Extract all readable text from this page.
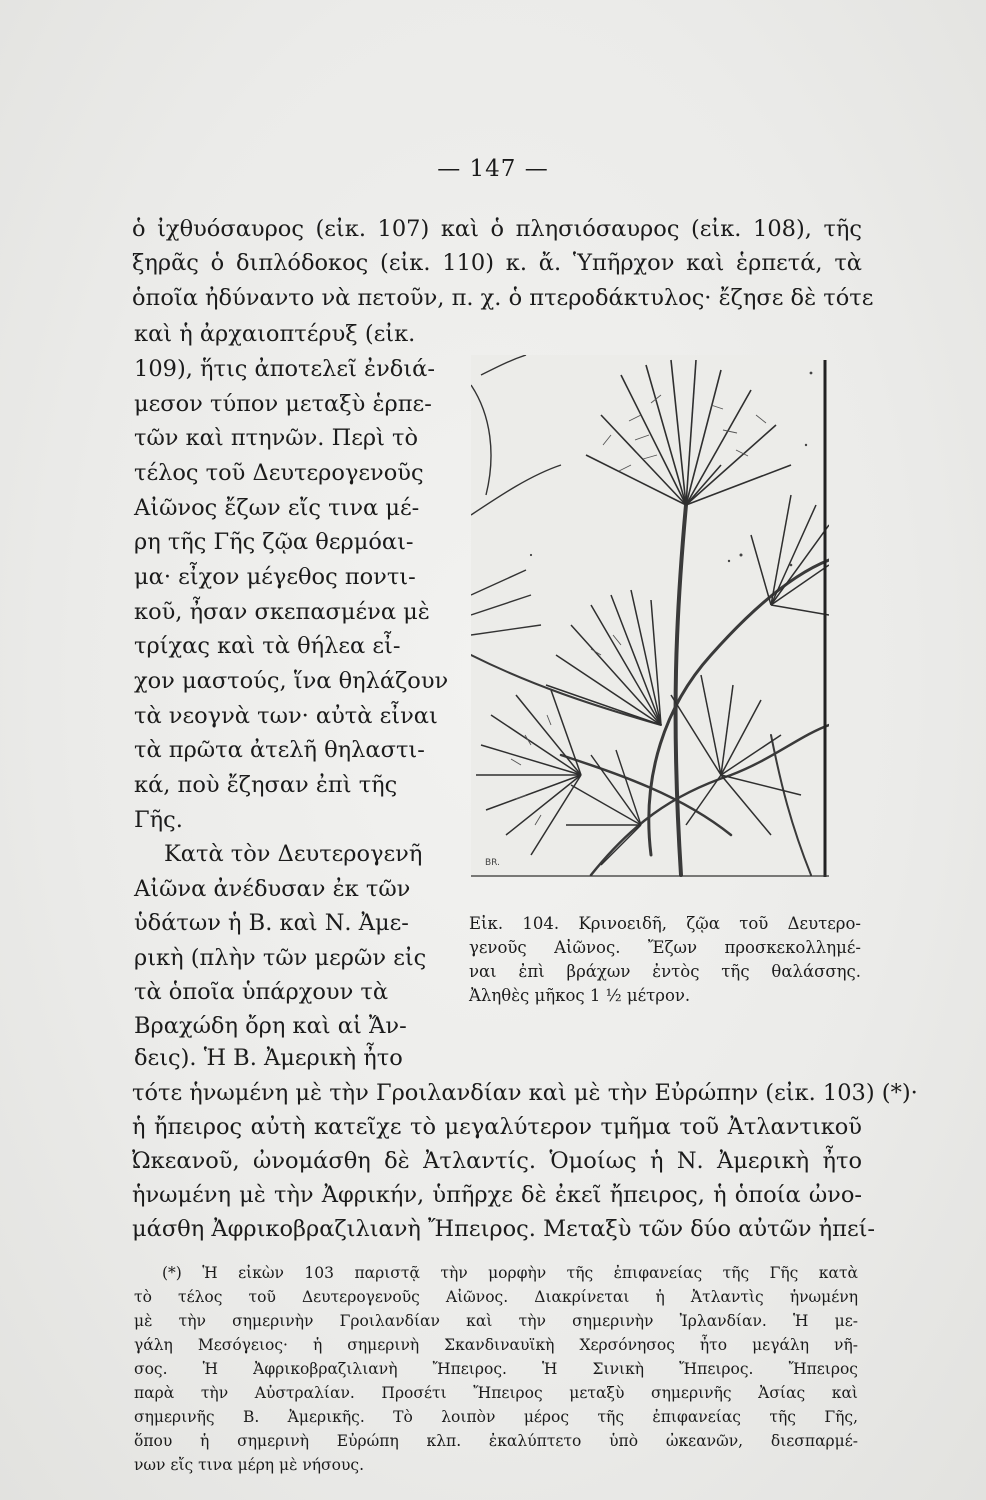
— 147 —
ὁ ἰχθυόσαυρος (εἰκ. 107) καὶ ὁ πλησιόσαυρος (εἰκ. 108), τῆς
ξηρᾶς ὁ διπλόδοκος (εἰκ. 110) κ. ἄ. Ὑπῆρχον καὶ ἑρπετά, τὰ
ὁποῖα ἠδύναντο νὰ πετοῦν, π. χ. ὁ πτεροδάκτυλος· ἔζησε δὲ τότε
καὶ ἡ ἀρχαιοπτέρυξ (εἰκ.
109), ἥτις ἀποτελεῖ ἐνδιά-
μεσον τύπον μεταξὺ ἑρπε-
τῶν καὶ πτηνῶν. Περὶ τὸ
τέλος τοῦ Δευτερογενοῦς
Αἰῶνος ἔζων εἴς τινα μέ-
ρη τῆς Γῆς ζῷα θερμόαι-
μα· εἶχον μέγεθος ποντι-
κοῦ, ἦσαν σκεπασμένα μὲ
τρίχας καὶ τὰ θήλεα εἶ-
χον μαστούς, ἵνα θηλάζουν
τὰ νεογνὰ των· αὐτὰ εἶναι
τὰ πρῶτα ἀτελῆ θηλαστι-
κά, ποὺ ἔζησαν ἐπὶ τῆς
Γῆς.
Κατὰ τὸν Δευτερογενῆ
Αἰῶνα ἀνέδυσαν ἐκ τῶν
ὑδάτων ἡ Β. καὶ Ν. Ἀμε-
ρικὴ (πλὴν τῶν μερῶν εἰς
τὰ ὁποῖα ὑπάρχουν τὰ
Βραχώδη ὄρη καὶ αἱ Ἄν-
δεις). Ἡ Β. Ἀμερικὴ ἦτο
BR.
Εἰκ. 104. Κρινοειδῆ, ζῷα τοῦ Δευτερο-
γενοῦς Αἰῶνος. Ἔζων προσκεκολλημέ-
ναι ἐπὶ βράχων ἐντὸς τῆς θαλάσσης.
Ἀληθὲς μῆκος 1 ½ μέτρον.
τότε ἡνωμένη μὲ τὴν Γροιλανδίαν καὶ μὲ τὴν Εὐρώπην (εἰκ. 103) (*)·
ἡ ἤπειρος αὐτὴ κατεῖχε τὸ μεγαλύτερον τμῆμα τοῦ Ἀτλαντικοῦ
Ὠκεανοῦ, ὠνομάσθη δὲ Ἀτλαντίς. Ὁμοίως ἡ Ν. Ἀμερικὴ ἦτο
ἡνωμένη μὲ τὴν Ἀφρικήν, ὑπῆρχε δὲ ἐκεῖ ἤπειρος, ἡ ὁποία ὠνο-
μάσθη Ἀφρικοβραζιλιανὴ Ἤπειρος. Μεταξὺ τῶν δύο αὐτῶν ἠπεί-
(*) Ἡ εἰκὼν 103 παριστᾷ τὴν μορφὴν τῆς ἐπιφανείας τῆς Γῆς κατὰ
τὸ τέλος τοῦ Δευτερογενοῦς Αἰῶνος. Διακρίνεται ἡ Ἀτλαντὶς ἡνωμένη
μὲ τὴν σημερινὴν Γροιλανδίαν καὶ τὴν σημερινὴν Ἰρλανδίαν. Ἡ με-
γάλη Μεσόγειος· ἡ σημερινὴ Σκανδιναυϊκὴ Χερσόνησος ἦτο μεγάλη νῆ-
σος. Ἡ Ἀφρικοβραζιλιανὴ Ἤπειρος. Ἡ Σινικὴ Ἤπειρος. Ἤπειρος
παρὰ τὴν Αὐστραλίαν. Προσέτι Ἤπειρος μεταξὺ σημερινῆς Ἀσίας καὶ
σημερινῆς Β. Ἀμερικῆς. Τὸ λοιπὸν μέρος τῆς ἐπιφανείας τῆς Γῆς,
ὅπου ἡ σημερινὴ Εὐρώπη κλπ. ἐκαλύπτετο ὑπὸ ὠκεανῶν, διεσπαρμέ-
νων εἴς τινα μέρη μὲ νήσους.
